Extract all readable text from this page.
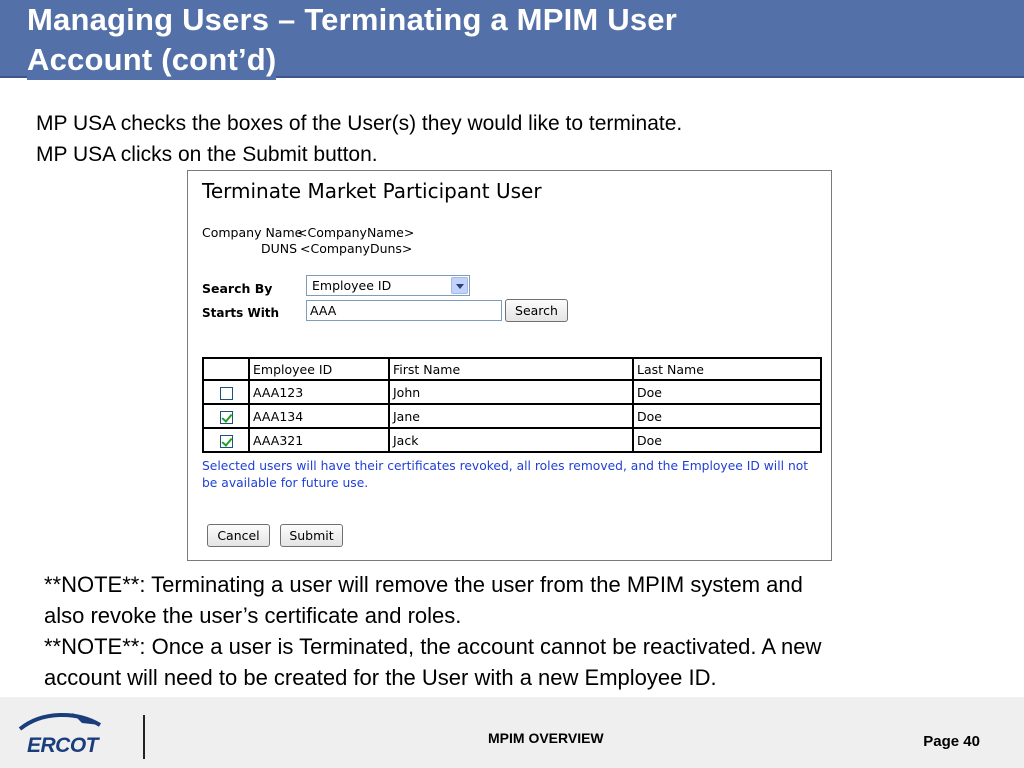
Managing Users – Terminating a MPIM User
Account (cont’d)
MP USA checks the boxes of the User(s) they would like to terminate.
MP USA clicks on the Submit button.
Terminate Market Participant User
Company Name
<CompanyName>
DUNS <CompanyDuns>
Search By	Employee ID
Starts With
AAA	Search
	Employee ID	First Name	Last Name
	AAA123	John	Doe
	AAA134	Jane	Doe
	AAA321	Jack	Doe
Selected users will have their certificates revoked, all roles removed, and the Employee ID will not be available for future use.
Cancel	Submit
**NOTE**: Terminating a user will remove the user from the MPIM system and
also revoke the user’s certificate and roles.
**NOTE**: Once a user is Terminated, the account cannot be reactivated. A new
account will need to be created for the User with a new Employee ID.
ERCOT	MPIM OVERVIEW	Page 40
